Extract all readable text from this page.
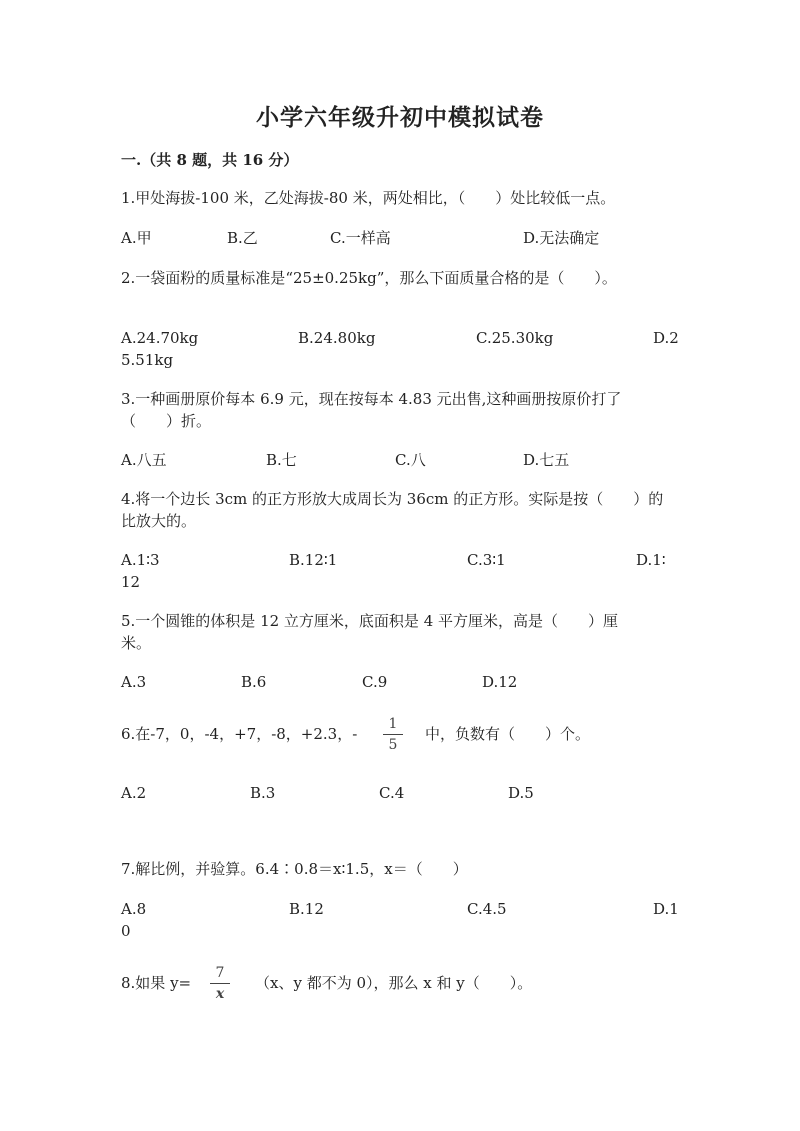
小学六年级升初中模拟试卷
一.（共 8 题，共 16 分）
1.甲处海拔-100 米，乙处海拔-80 米，两处相比，（　　）处比较低一点。
A.甲	B.乙	C.一样高	D.无法确定
2.一袋面粉的质量标准是“25±0.25kg”，那么下面质量合格的是（　　）。
A.24.70kg	B.24.80kg	C.25.30kg	D.2
5.51kg
3.一种画册原价每本 6.9 元，现在按每本 4.83 元出售,这种画册按原价打了
（　　）折。
A.八五	B.七	C.八	D.七五
4.将一个边长 3cm 的正方形放大成周长为 36cm 的正方形。实际是按（　　）的
比放大的。
A.1∶3	B.12∶1	C.3∶1	D.1∶
12
5.一个圆锥的体积是 12 立方厘米，底面积是 4 平方厘米，高是（　　）厘
米。
A.3	B.6	C.9	D.12
6.在-7，0，-4，+7，-8，+2.3，-
1
5
中，负数有（　　）个。
A.2	B.3	C.4	D.5
7.解比例，并验算。6.4∶0.8＝x∶1.5，x＝（　　）
A.8	B.12	C.4.5	D.1
0
8.如果 y=
7
x
（x、y 都不为 0），那么 x 和 y（　　）。
